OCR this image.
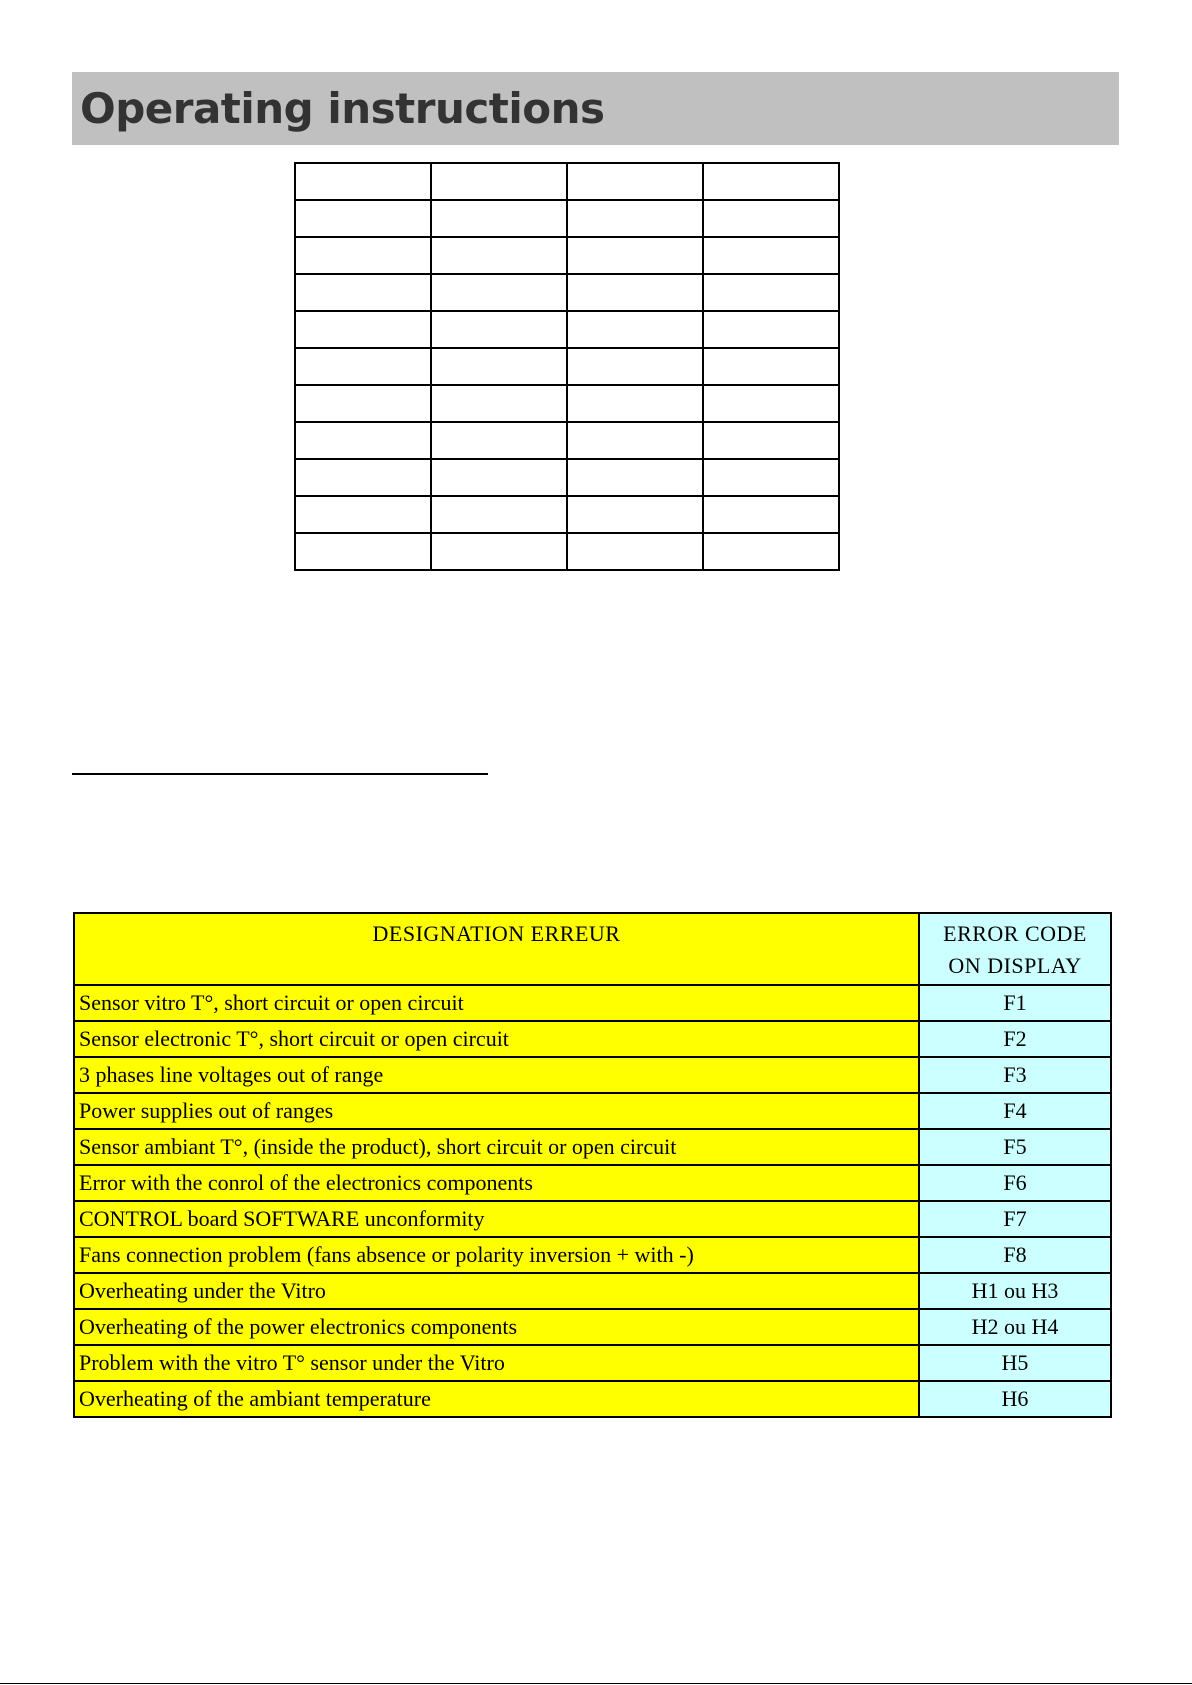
Operating instructions

DESIGNATION ERREUR	ERROR CODE
ON DISPLAY
Sensor vitro T°, short circuit or open circuit	F1
Sensor electronic T°, short circuit or open circuit	F2
3 phases line voltages out of range	F3
Power supplies out of ranges	F4
Sensor ambiant T°, (inside the product), short circuit or open circuit	F5
Error with the conrol of the electronics components	F6
CONTROL board SOFTWARE unconformity	F7
Fans connection problem (fans absence or polarity inversion + with -)	F8
Overheating under the Vitro	H1 ou H3
Overheating of the power electronics components	H2 ou H4
Problem with the vitro T° sensor under the Vitro	H5
Overheating of the ambiant temperature	H6
